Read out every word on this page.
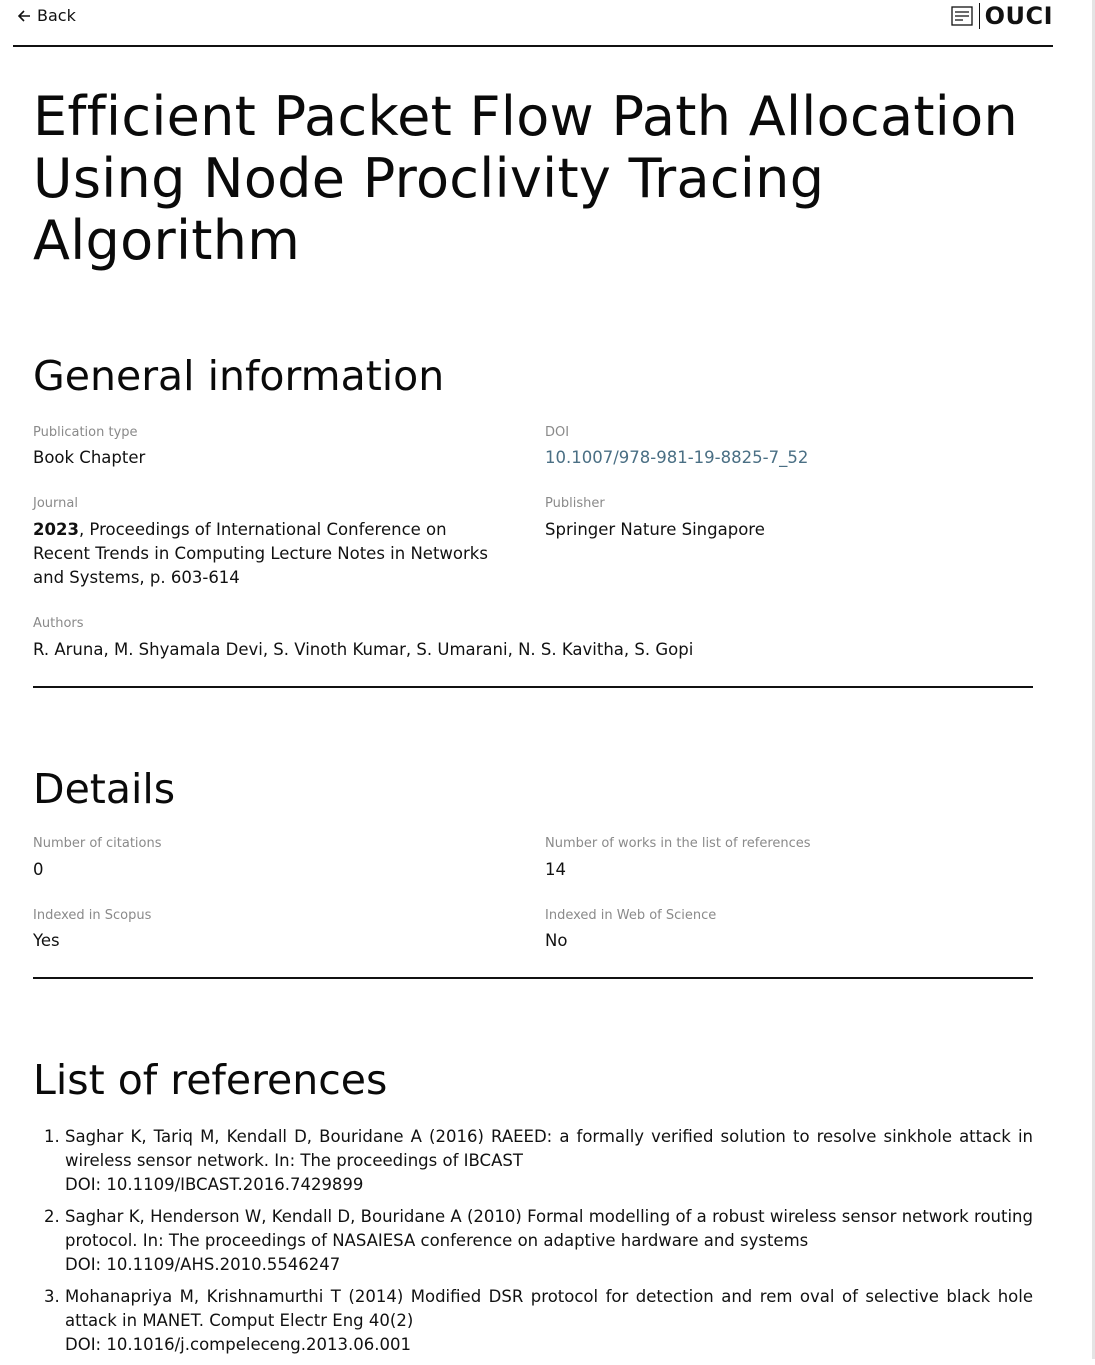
Back	OUCI
Efficient Packet Flow Path Allocation Using Node Proclivity Tracing Algorithm
General information
Publication type
Book Chapter
DOI
10.1007/978-981-19-8825-7_52
Journal
2023, Proceedings of International Conference on Recent Trends in Computing Lecture Notes in Networks and Systems, p. 603-614
Publisher
Springer Nature Singapore
Authors
R. Aruna, M. Shyamala Devi, S. Vinoth Kumar, S. Umarani, N. S. Kavitha, S. Gopi
Details
Number of citations
0
Number of works in the list of references
14
Indexed in Scopus
Yes
Indexed in Web of Science
No
List of references
1. Saghar K, Tariq M, Kendall D, Bouridane A (2016) RAEED: a formally verified solution to resolve sinkhole attack in wireless sensor network. In: The proceedings of IBCAST
DOI: 10.1109/IBCAST.2016.7429899
2. Saghar K, Henderson W, Kendall D, Bouridane A (2010) Formal modelling of a robust wireless sensor network routing protocol. In: The proceedings of NASAIESA conference on adaptive hardware and systems
DOI: 10.1109/AHS.2010.5546247
3. Mohanapriya M, Krishnamurthi T (2014) Modified DSR protocol for detection and rem oval of selective black hole attack in MANET. Comput Electr Eng 40(2)
DOI: 10.1016/j.compeleceng.2013.06.001
